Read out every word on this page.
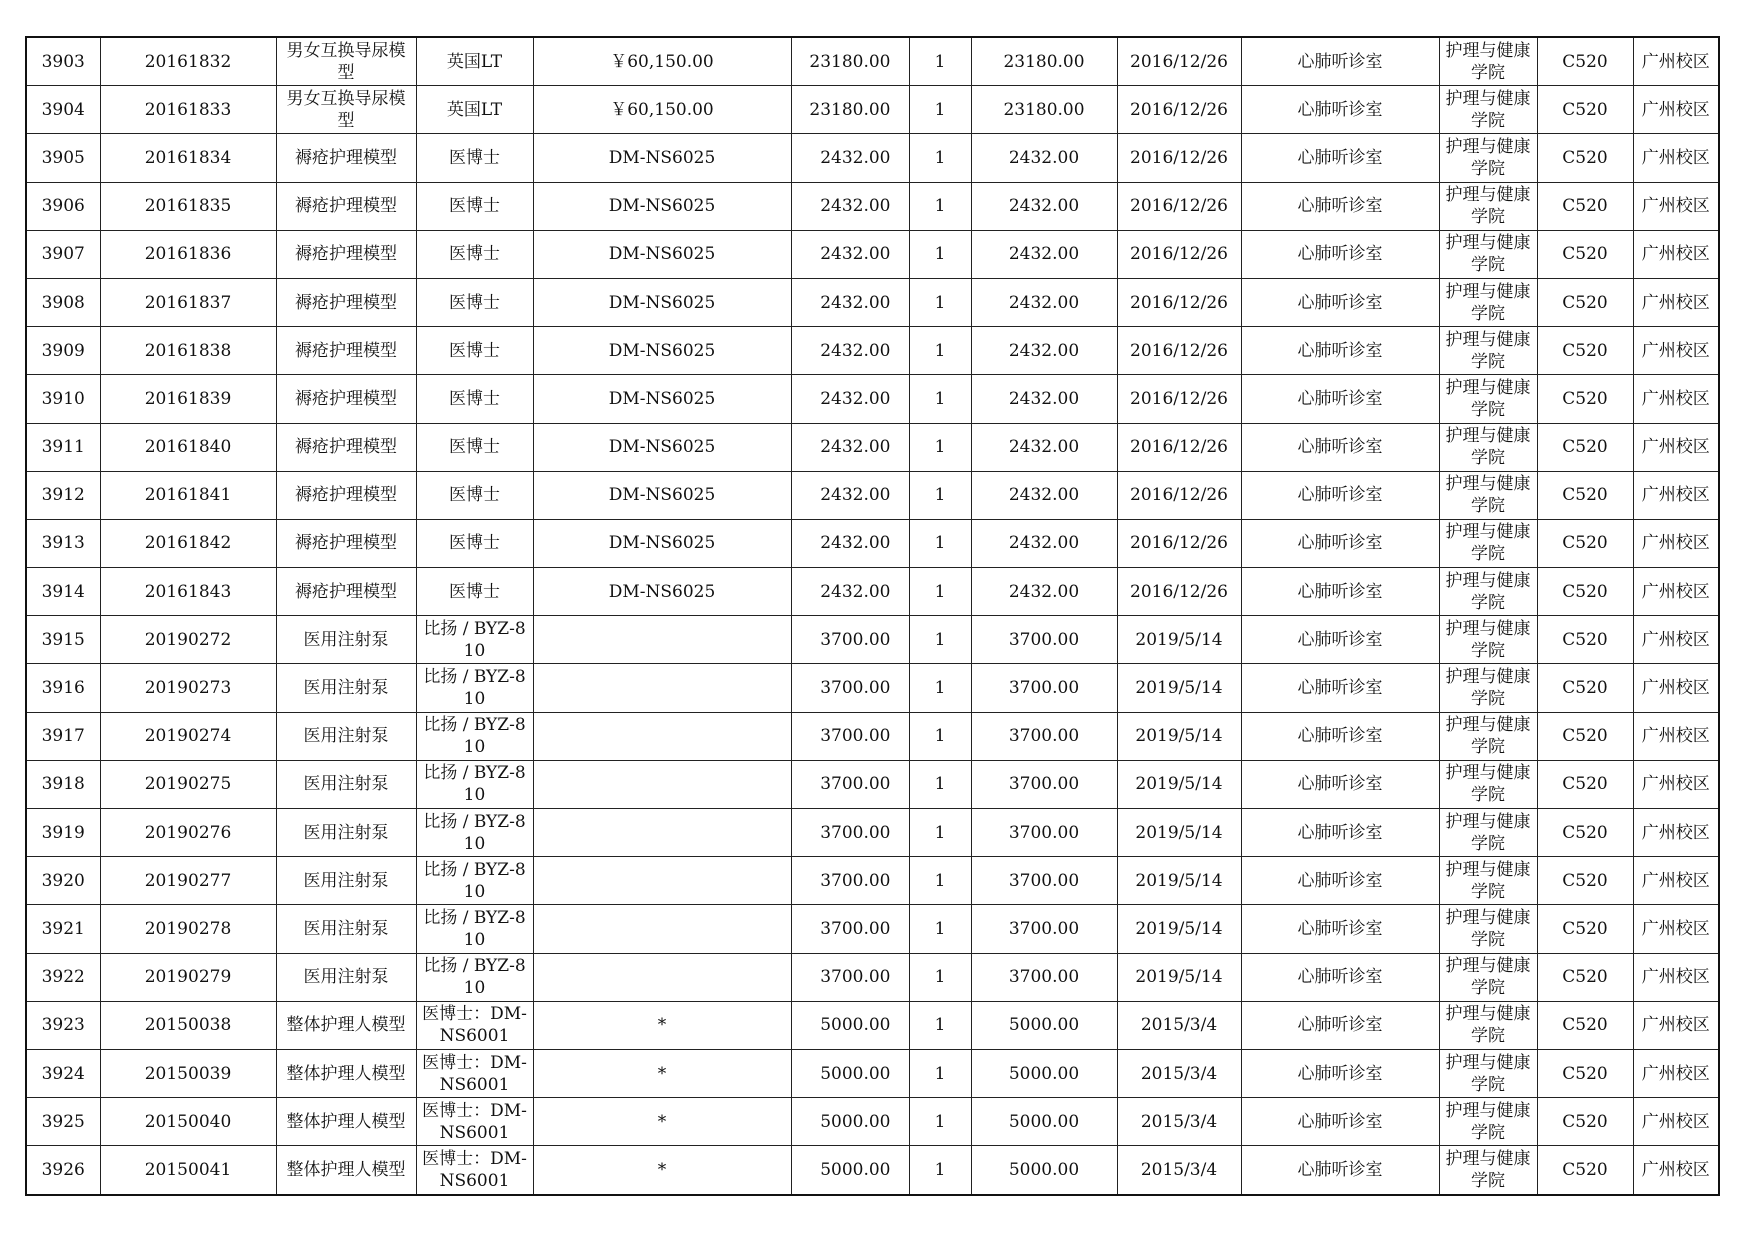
3903	20161832	男女互换导尿模型	英国LT	￥60,150.00	23180.00	1	23180.00	2016/12/26	心肺听诊室	护理与健康学院	C520	广州校区
3904	20161833	男女互换导尿模型	英国LT	￥60,150.00	23180.00	1	23180.00	2016/12/26	心肺听诊室	护理与健康学院	C520	广州校区
3905	20161834	褥疮护理模型	医博士	DM-NS6025	2432.00	1	2432.00	2016/12/26	心肺听诊室	护理与健康学院	C520	广州校区
3906	20161835	褥疮护理模型	医博士	DM-NS6025	2432.00	1	2432.00	2016/12/26	心肺听诊室	护理与健康学院	C520	广州校区
3907	20161836	褥疮护理模型	医博士	DM-NS6025	2432.00	1	2432.00	2016/12/26	心肺听诊室	护理与健康学院	C520	广州校区
3908	20161837	褥疮护理模型	医博士	DM-NS6025	2432.00	1	2432.00	2016/12/26	心肺听诊室	护理与健康学院	C520	广州校区
3909	20161838	褥疮护理模型	医博士	DM-NS6025	2432.00	1	2432.00	2016/12/26	心肺听诊室	护理与健康学院	C520	广州校区
3910	20161839	褥疮护理模型	医博士	DM-NS6025	2432.00	1	2432.00	2016/12/26	心肺听诊室	护理与健康学院	C520	广州校区
3911	20161840	褥疮护理模型	医博士	DM-NS6025	2432.00	1	2432.00	2016/12/26	心肺听诊室	护理与健康学院	C520	广州校区
3912	20161841	褥疮护理模型	医博士	DM-NS6025	2432.00	1	2432.00	2016/12/26	心肺听诊室	护理与健康学院	C520	广州校区
3913	20161842	褥疮护理模型	医博士	DM-NS6025	2432.00	1	2432.00	2016/12/26	心肺听诊室	护理与健康学院	C520	广州校区
3914	20161843	褥疮护理模型	医博士	DM-NS6025	2432.00	1	2432.00	2016/12/26	心肺听诊室	护理与健康学院	C520	广州校区
3915	20190272	医用注射泵	比扬 / BYZ-810		3700.00	1	3700.00	2019/5/14	心肺听诊室	护理与健康学院	C520	广州校区
3916	20190273	医用注射泵	比扬 / BYZ-810		3700.00	1	3700.00	2019/5/14	心肺听诊室	护理与健康学院	C520	广州校区
3917	20190274	医用注射泵	比扬 / BYZ-810		3700.00	1	3700.00	2019/5/14	心肺听诊室	护理与健康学院	C520	广州校区
3918	20190275	医用注射泵	比扬 / BYZ-810		3700.00	1	3700.00	2019/5/14	心肺听诊室	护理与健康学院	C520	广州校区
3919	20190276	医用注射泵	比扬 / BYZ-810		3700.00	1	3700.00	2019/5/14	心肺听诊室	护理与健康学院	C520	广州校区
3920	20190277	医用注射泵	比扬 / BYZ-810		3700.00	1	3700.00	2019/5/14	心肺听诊室	护理与健康学院	C520	广州校区
3921	20190278	医用注射泵	比扬 / BYZ-810		3700.00	1	3700.00	2019/5/14	心肺听诊室	护理与健康学院	C520	广州校区
3922	20190279	医用注射泵	比扬 / BYZ-810		3700.00	1	3700.00	2019/5/14	心肺听诊室	护理与健康学院	C520	广州校区
3923	20150038	整体护理人模型	医博士：DM-NS6001	*	5000.00	1	5000.00	2015/3/4	心肺听诊室	护理与健康学院	C520	广州校区
3924	20150039	整体护理人模型	医博士：DM-NS6001	*	5000.00	1	5000.00	2015/3/4	心肺听诊室	护理与健康学院	C520	广州校区
3925	20150040	整体护理人模型	医博士：DM-NS6001	*	5000.00	1	5000.00	2015/3/4	心肺听诊室	护理与健康学院	C520	广州校区
3926	20150041	整体护理人模型	医博士：DM-NS6001	*	5000.00	1	5000.00	2015/3/4	心肺听诊室	护理与健康学院	C520	广州校区
